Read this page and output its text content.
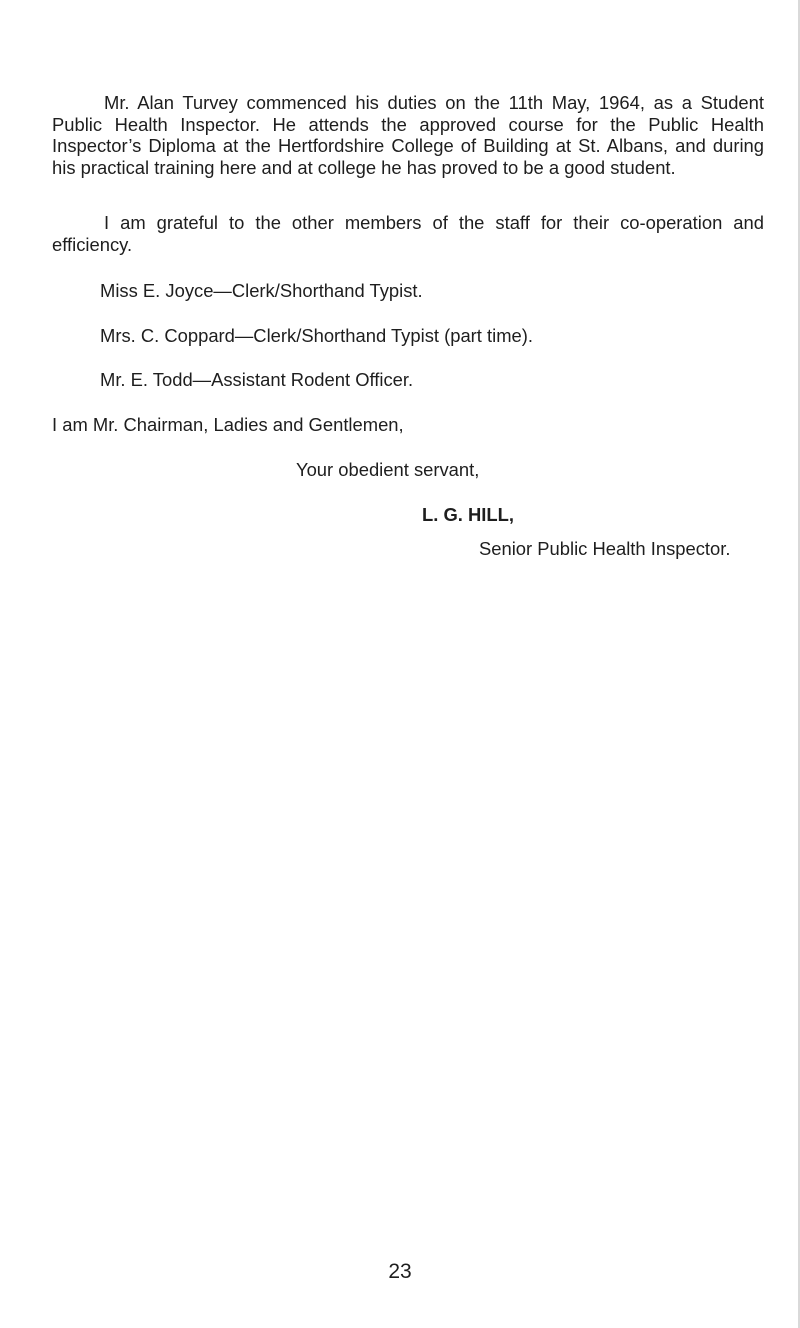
Mr. Alan Turvey commenced his duties on the 11th May, 1964, as a Student Public Health Inspector. He attends the approved course for the Public Health Inspector’s Diploma at the Hertfordshire College of Building at St. Albans, and during his practical training here and at college he has proved to be a good student.

I am grateful to the other members of the staff for their co-operation and efficiency.

Miss E. Joyce—Clerk/Shorthand Typist.

Mrs. C. Coppard—Clerk/Shorthand Typist (part time).

Mr. E. Todd—Assistant Rodent Officer.

I am Mr. Chairman, Ladies and Gentlemen,

Your obedient servant,

L. G. HILL,

Senior Public Health Inspector.

23
